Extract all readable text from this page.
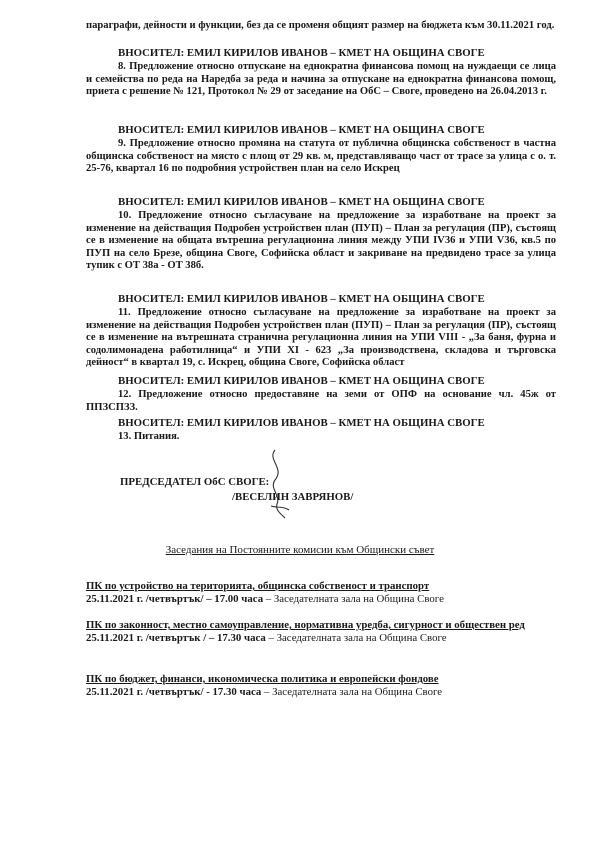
параграфи, дейности и функции, без да се променя общият размер на бюджета към 30.11.2021 год.

ВНОСИТЕЛ: ЕМИЛ КИРИЛОВ ИВАНОВ – КМЕТ НА ОБЩИНА СВОГЕ

8. Предложение относно отпускане на еднократна финансова помощ на нуждаещи се лица и семейства по реда на Наредба за реда и начина за отпускане на еднократна финансова помощ, приета с решение № 121, Протокол № 29 от заседание на ОбС – Своге, проведено на 26.04.2013 г.

ВНОСИТЕЛ: ЕМИЛ КИРИЛОВ ИВАНОВ – КМЕТ НА ОБЩИНА СВОГЕ

9. Предложение относно промяна на статута от публична общинска собственост в частна общинска собственост на място с площ от 29 кв. м, представляващо част от трасе за улица с о. т. 25-76, квартал 16 по подробния устройствен план на село Искрец

ВНОСИТЕЛ: ЕМИЛ КИРИЛОВ ИВАНОВ – КМЕТ НА ОБЩИНА СВОГЕ

10. Предложение относно съгласуване на предложение за изработване на проект за изменение на действащия Подробен устройствен план (ПУП) – План за регулация (ПР), състоящ се в изменение на общата вътрешна регулационна линия между УПИ IV36 и УПИ V36, кв.5 по ПУП на село Брезе, община Своге, Софийска област и закриване на предвидено трасе за улица тупик с ОТ 38а - ОТ 38б.

ВНОСИТЕЛ: ЕМИЛ КИРИЛОВ ИВАНОВ – КМЕТ НА ОБЩИНА СВОГЕ

11. Предложение относно съгласуване на предложение за изработване на проект за изменение на действащия Подробен устройствен план (ПУП) – План за регулация (ПР), състоящ се в изменение на вътрешната странична регулационна линия на УПИ VIII - „За баня, фурна и содолимонадена работилница“ и УПИ XI - 623 „За производствена, складова и търговска дейност“ в квартал 19, с. Искрец, община Своге, Софийска област

ВНОСИТЕЛ: ЕМИЛ КИРИЛОВ ИВАНОВ – КМЕТ НА ОБЩИНА СВОГЕ

12. Предложение относно предоставяне на земи от ОПФ на основание чл. 45ж от ППЗСПЗЗ.

ВНОСИТЕЛ: ЕМИЛ КИРИЛОВ ИВАНОВ – КМЕТ НА ОБЩИНА СВОГЕ

13. Питания.

ПРЕДСЕДАТЕЛ ОбС СВОГЕ:

/ВЕСЕЛИН ЗАВРЯНОВ/

Заседания на Постоянните комисии към Общински съвет

ПК по устройство на територията, общинска собственост и транспорт
25.11.2021 г. /четвъртък/ – 17.00 часа – Заседателната зала на Община Своге
ПК по законност, местно самоуправление, нормативна уредба, сигурност и обществен ред
25.11.2021 г. /четвъртък / – 17.30 часа – Заседателната зала на Община Своге
ПК по бюджет, финанси, икономическа политика и европейски фондове
25.11.2021 г. /четвъртък/ - 17.30 часа – Заседателната зала на Община Своге
